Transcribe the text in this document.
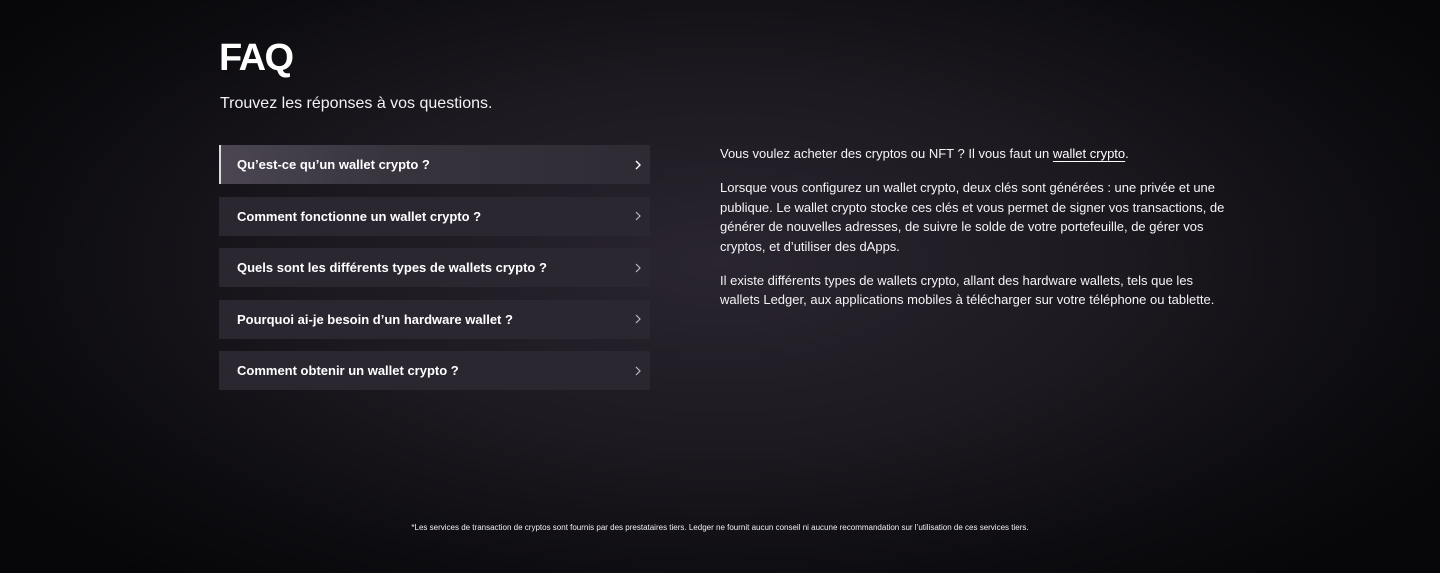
FAQ

Trouvez les réponses à vos questions.

Qu’est-ce qu’un wallet crypto ?
Comment fonctionne un wallet crypto ?
Quels sont les différents types de wallets crypto ?
Pourquoi ai-je besoin d’un hardware wallet ?
Comment obtenir un wallet crypto ?

Vous voulez acheter des cryptos ou NFT ? Il vous faut un wallet crypto.

Lorsque vous configurez un wallet crypto, deux clés sont générées : une privée et une publique. Le wallet crypto stocke ces clés et vous permet de signer vos transactions, de générer de nouvelles adresses, de suivre le solde de votre portefeuille, de gérer vos cryptos, et d’utiliser des dApps.

Il existe différents types de wallets crypto, allant des hardware wallets, tels que les wallets Ledger, aux applications mobiles à télécharger sur votre téléphone ou tablette.

*Les services de transaction de cryptos sont fournis par des prestataires tiers. Ledger ne fournit aucun conseil ni aucune recommandation sur l’utilisation de ces services tiers.
